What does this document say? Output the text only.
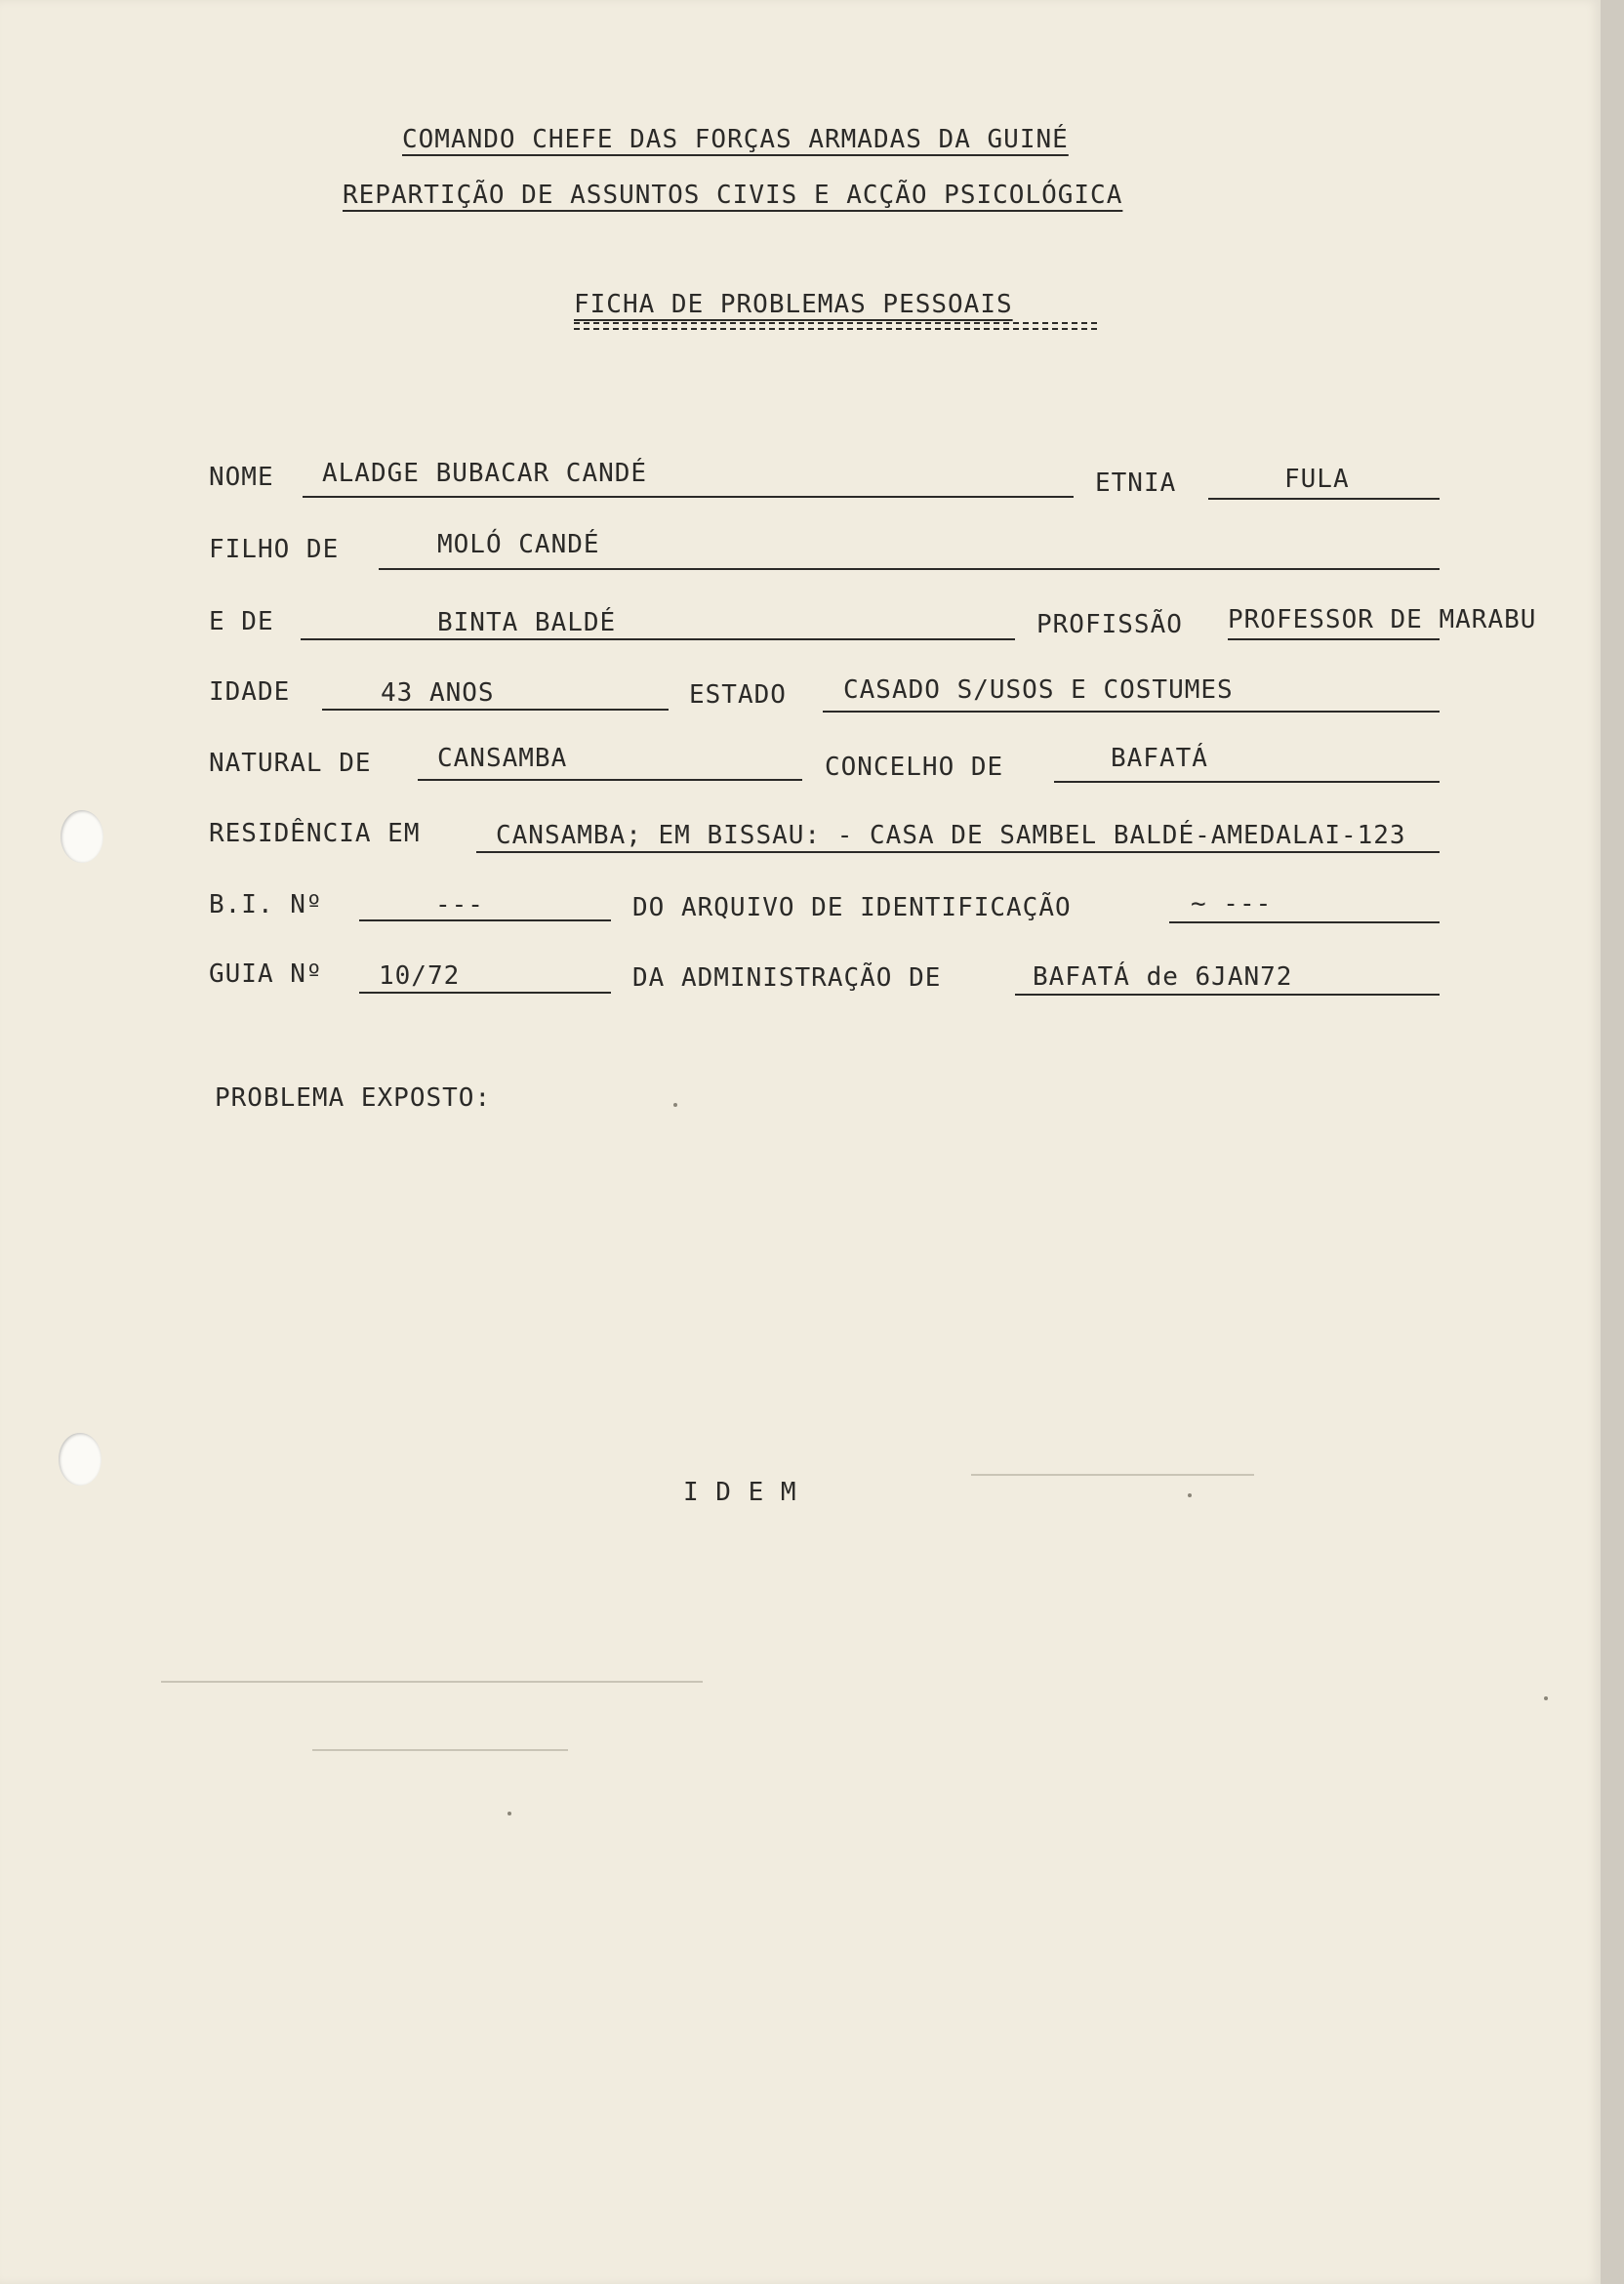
COMANDO CHEFE DAS FORÇAS ARMADAS DA GUINÉ
REPARTIÇÃO DE ASSUNTOS CIVIS E ACÇÃO PSICOLÓGICA
FICHA DE PROBLEMAS PESSOAIS
NOME ALADGE BUBACAR CANDÉ	ETNIA	FULA
FILHO DE	MOLÓ CANDÉ
E DE	BINTA BALDÉ	PROFISSÃO PROFESSOR DE MARABU
IDADE	43 ANOS	ESTADO CASADO S/USOS E COSTUMES
NATURAL DE	CANSAMBA	CONCELHO DE	BAFATÁ
RESIDÊNCIA EM	CANSAMBA; EM BISSAU: - CASA DE SAMBEL BALDÉ-AMEDALAI-123
B.I. Nº	---	DO ARQUIVO DE IDENTIFICAÇÃO	~ ---
GUIA Nº 10/72	DA ADMINISTRAÇÃO DE	BAFATÁ de 6JAN72
PROBLEMA EXPOSTO:
I D E M
